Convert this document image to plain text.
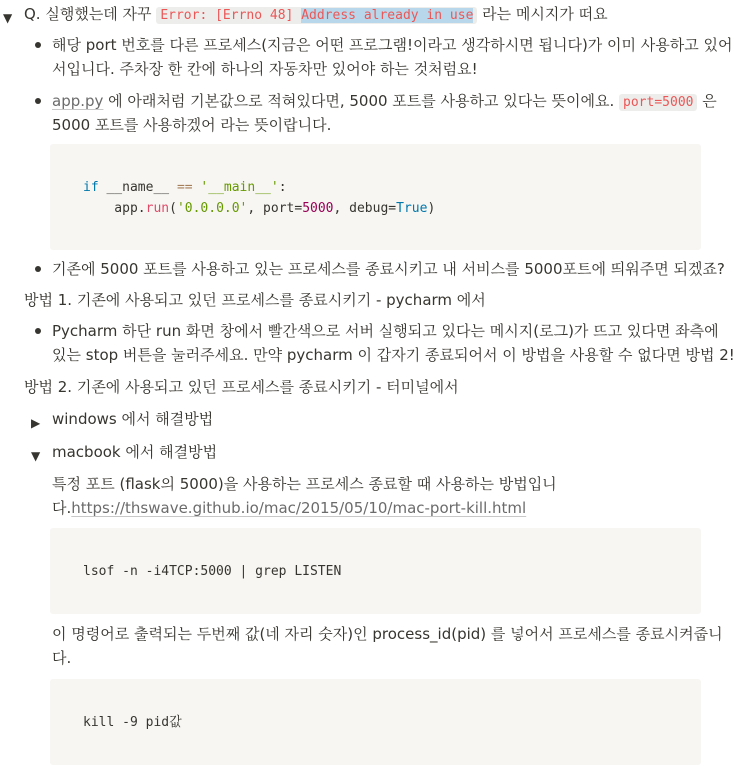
▼ Q. 실행했는데 자꾸 Error: [Errno 48] Address already in use 라는 메시지가 떠요
해당 port 번호를 다른 프로세스(지금은 어떤 프로그램!이라고 생각하시면 됩니다)가 이미 사용하고 있어
서입니다. 주차장 한 칸에 하나의 자동차만 있어야 하는 것처럼요!
app.py 에 아래처럼 기본값으로 적혀있다면, 5000 포트를 사용하고 있다는 뜻이에요. port=5000 은
5000 포트를 사용하겠어 라는 뜻이랍니다.

if __name__ == '__main__':

app.run('0.0.0.0', port=5000, debug=True)

기존에 5000 포트를 사용하고 있는 프로세스를 종료시키고 내 서비스를 5000포트에 띄워주면 되겠죠?
방법 1. 기존에 사용되고 있던 프로세스를 종료시키기 - pycharm 에서
Pycharm 하단 run 화면 창에서 빨간색으로 서버 실행되고 있다는 메시지(로그)가 뜨고 있다면 좌측에
있는 stop 버튼을 눌러주세요. 만약 pycharm 이 갑자기 종료되어서 이 방법을 사용할 수 없다면 방법 2!
방법 2. 기존에 사용되고 있던 프로세스를 종료시키기 - 터미널에서
▶ windows 에서 해결방법
▼ macbook 에서 해결방법
특정 포트 (flask의 5000)을 사용하는 프로세스 종료할 때 사용하는 방법입니
다.https://thswave.github.io/mac/2015/05/10/mac-port-kill.html

lsof -n -i4TCP:5000 | grep LISTEN

이 명령어로 출력되는 두번째 값(네 자리 숫자)인 process_id(pid) 를 넣어서 프로세스를 종료시켜줍니
다.

kill -9 pid값
